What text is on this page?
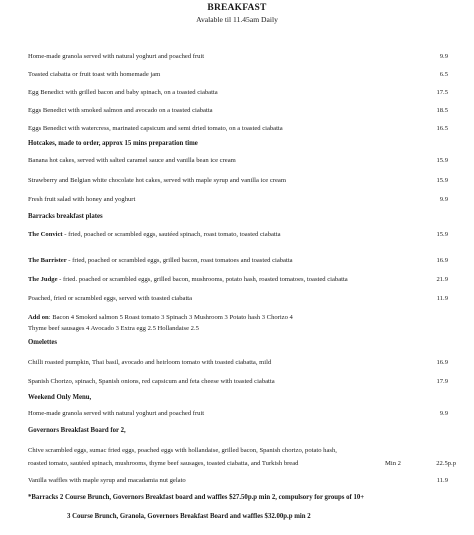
BREAKFAST
Avalable til 11.45am Daily
Home-made granola served with natural yoghurt and poached fruit	9.9
Toasted ciabatta or fruit toast with homemade jam	6.5
Egg Benedict with grilled bacon and baby spinach, on a toasted ciabatta	17.5
Eggs Benedict with smoked salmon and avocado on a toasted ciabatta	18.5
Eggs Benedict with watercress, marinated capsicum and semi dried tomato, on a toasted ciabatta	16.5
Hotcakes, made to order, approx 15 mins preparation time
Banana hot cakes, served with salted caramel sauce and vanilla bean ice cream	15.9
Strawberry and Belgian white chocolate hot cakes, served with maple syrup and vanilla ice cream	15.9
Fresh fruit salad with honey and yoghurt	9.9
Barracks breakfast plates
The Convict - fried, poached or scrambled eggs, sautéed spinach, roast tomato, toasted ciabatta	15.9
The Barrister - fried, poached or scrambled eggs, grilled bacon, roast tomatoes and toasted ciabatta	16.9
The Judge - fried. poached or scrambled eggs, grilled bacon, mushrooms, potato hash, roasted tomatoes, toasted ciabatta	21.9
Poached, fried or scrambled eggs, served with toasted ciabatta	11.9
Add on: Bacon 4 Smoked salmon 5 Roast tomato 3 Spinach 3 Mushroom 3 Potato hash 3 Chorizo 4
Thyme beef sausages 4 Avocado 3 Extra egg 2.5 Hollandaise 2.5
Omelettes
Chilli roasted pumpkin, Thai basil, avocado and heirloom tomato with toasted ciabatta, mild	16.9
Spanish Chorizo, spinach, Spanish onions, red capsicum and feta cheese with toasted ciabatta	17.9
Weekend Only Menu,
Home-made granola served with natural yoghurt and poached fruit	9.9
Governors Breakfast Board for 2,
Chive scrambled eggs, sumac fried eggs, poached eggs with hollandaise, grilled bacon, Spanish chorizo, potato hash,
roasted tomato, sautéed spinach, mushrooms, thyme beef sausages, toasted ciabatta, and Turkish bread	Min 2	22.5p.p
Vanilla waffles with maple syrup and macadamia nut gelato	11.9
*Barracks 2 Course Brunch, Governors Breakfast board and waffles $27.50p.p min 2, compulsory for groups of 10+
3 Course Brunch, Granola, Governors Breakfast Board and waffles $32.00p.p min 2
